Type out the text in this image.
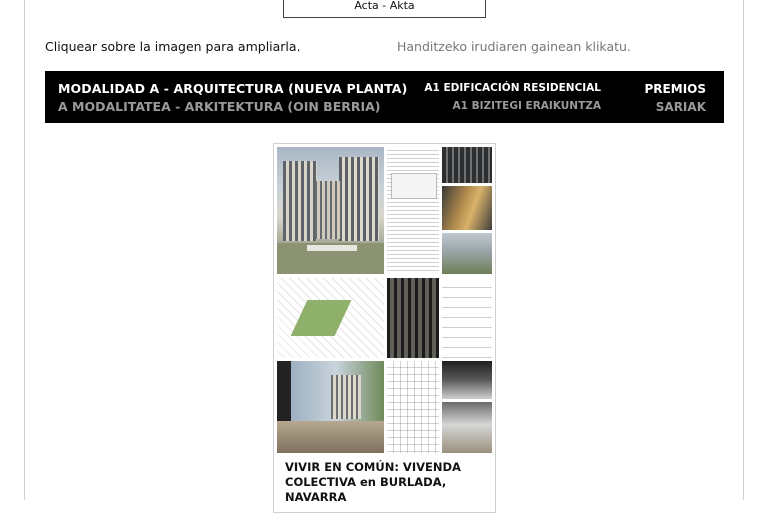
Acta - Akta
Cliquear sobre la imagen para ampliarla.	Handitzeko irudiaren gainean klikatu.
MODALIDAD A - ARQUITECTURA (NUEVA PLANTA)
A MODALITATEA - ARKITEKTURA (OIN BERRIA)
A1 EDIFICACIÓN RESIDENCIAL
A1 BIZITEGI ERAIKUNTZA
PREMIOS
SARIAK
VIVIR EN COMÚN: VIVENDA COLECTIVA en BURLADA, NAVARRA
